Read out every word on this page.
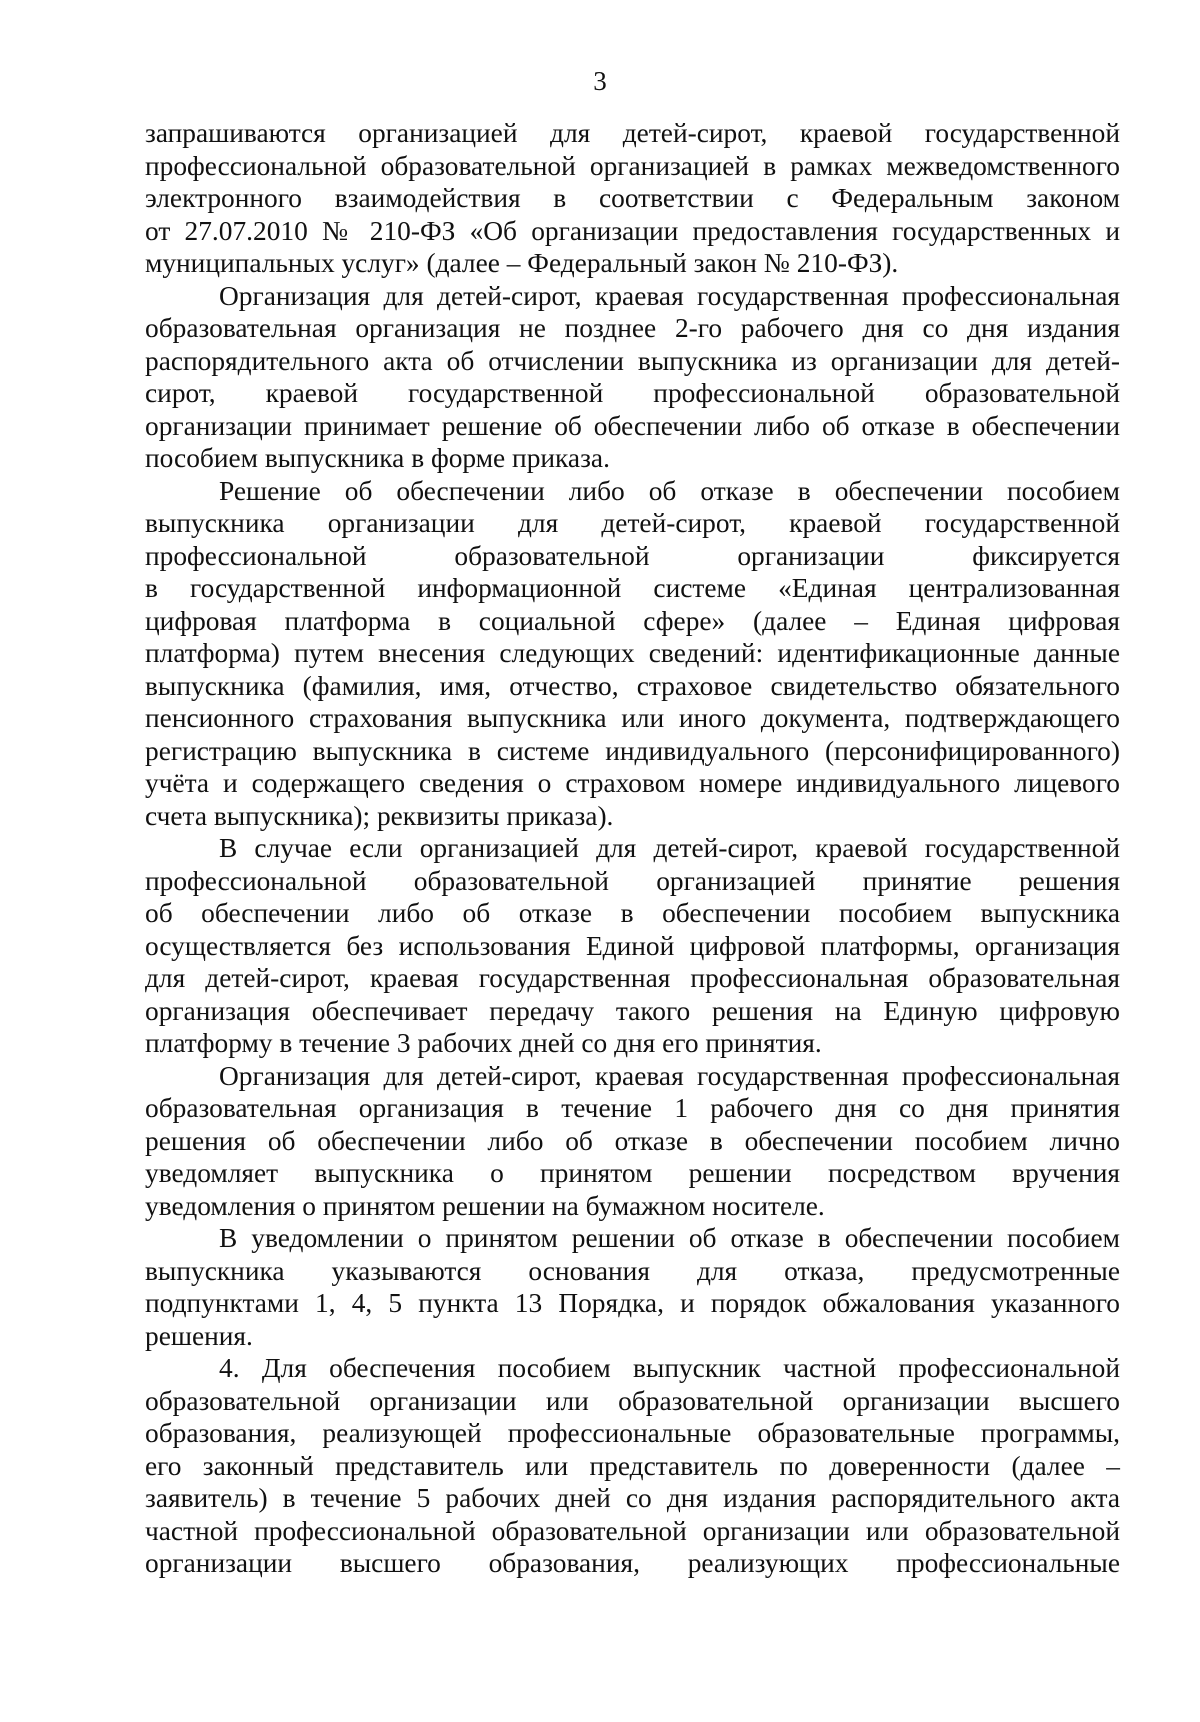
3
запрашиваются организацией для детей-сирот, краевой государственной
профессиональной образовательной организацией в рамках межведомственного
электронного взаимодействия в соответствии с Федеральным законом
от 27.07.2010 № 210-ФЗ «Об организации предоставления государственных и
муниципальных услуг» (далее – Федеральный закон № 210-ФЗ).
Организация для детей-сирот, краевая государственная профессиональная
образовательная организация не позднее 2-го рабочего дня со дня издания
распорядительного акта об отчислении выпускника из организации для детей-
сирот, краевой государственной профессиональной образовательной
организации принимает решение об обеспечении либо об отказе в обеспечении
пособием выпускника в форме приказа.
Решение об обеспечении либо об отказе в обеспечении пособием
выпускника организации для детей-сирот, краевой государственной
профессиональной образовательной организации фиксируется
в государственной информационной системе «Единая централизованная
цифровая платформа в социальной сфере» (далее – Единая цифровая
платформа) путем внесения следующих сведений: идентификационные данные
выпускника (фамилия, имя, отчество, страховое свидетельство обязательного
пенсионного страхования выпускника или иного документа, подтверждающего
регистрацию выпускника в системе индивидуального (персонифицированного)
учёта и содержащего сведения о страховом номере индивидуального лицевого
счета выпускника); реквизиты приказа).
В случае если организацией для детей-сирот, краевой государственной
профессиональной образовательной организацией принятие решения
об обеспечении либо об отказе в обеспечении пособием выпускника
осуществляется без использования Единой цифровой платформы, организация
для детей-сирот, краевая государственная профессиональная образовательная
организация обеспечивает передачу такого решения на Единую цифровую
платформу в течение 3 рабочих дней со дня его принятия.
Организация для детей-сирот, краевая государственная профессиональная
образовательная организация в течение 1 рабочего дня со дня принятия
решения об обеспечении либо об отказе в обеспечении пособием лично
уведомляет выпускника о принятом решении посредством вручения
уведомления о принятом решении на бумажном носителе.
В уведомлении о принятом решении об отказе в обеспечении пособием
выпускника указываются основания для отказа, предусмотренные
подпунктами 1, 4, 5 пункта 13 Порядка, и порядок обжалования указанного
решения.
4. Для обеспечения пособием выпускник частной профессиональной
образовательной организации или образовательной организации высшего
образования, реализующей профессиональные образовательные программы,
его законный представитель или представитель по доверенности (далее –
заявитель) в течение 5 рабочих дней со дня издания распорядительного акта
частной профессиональной образовательной организации или образовательной
организации высшего образования, реализующих профессиональные
